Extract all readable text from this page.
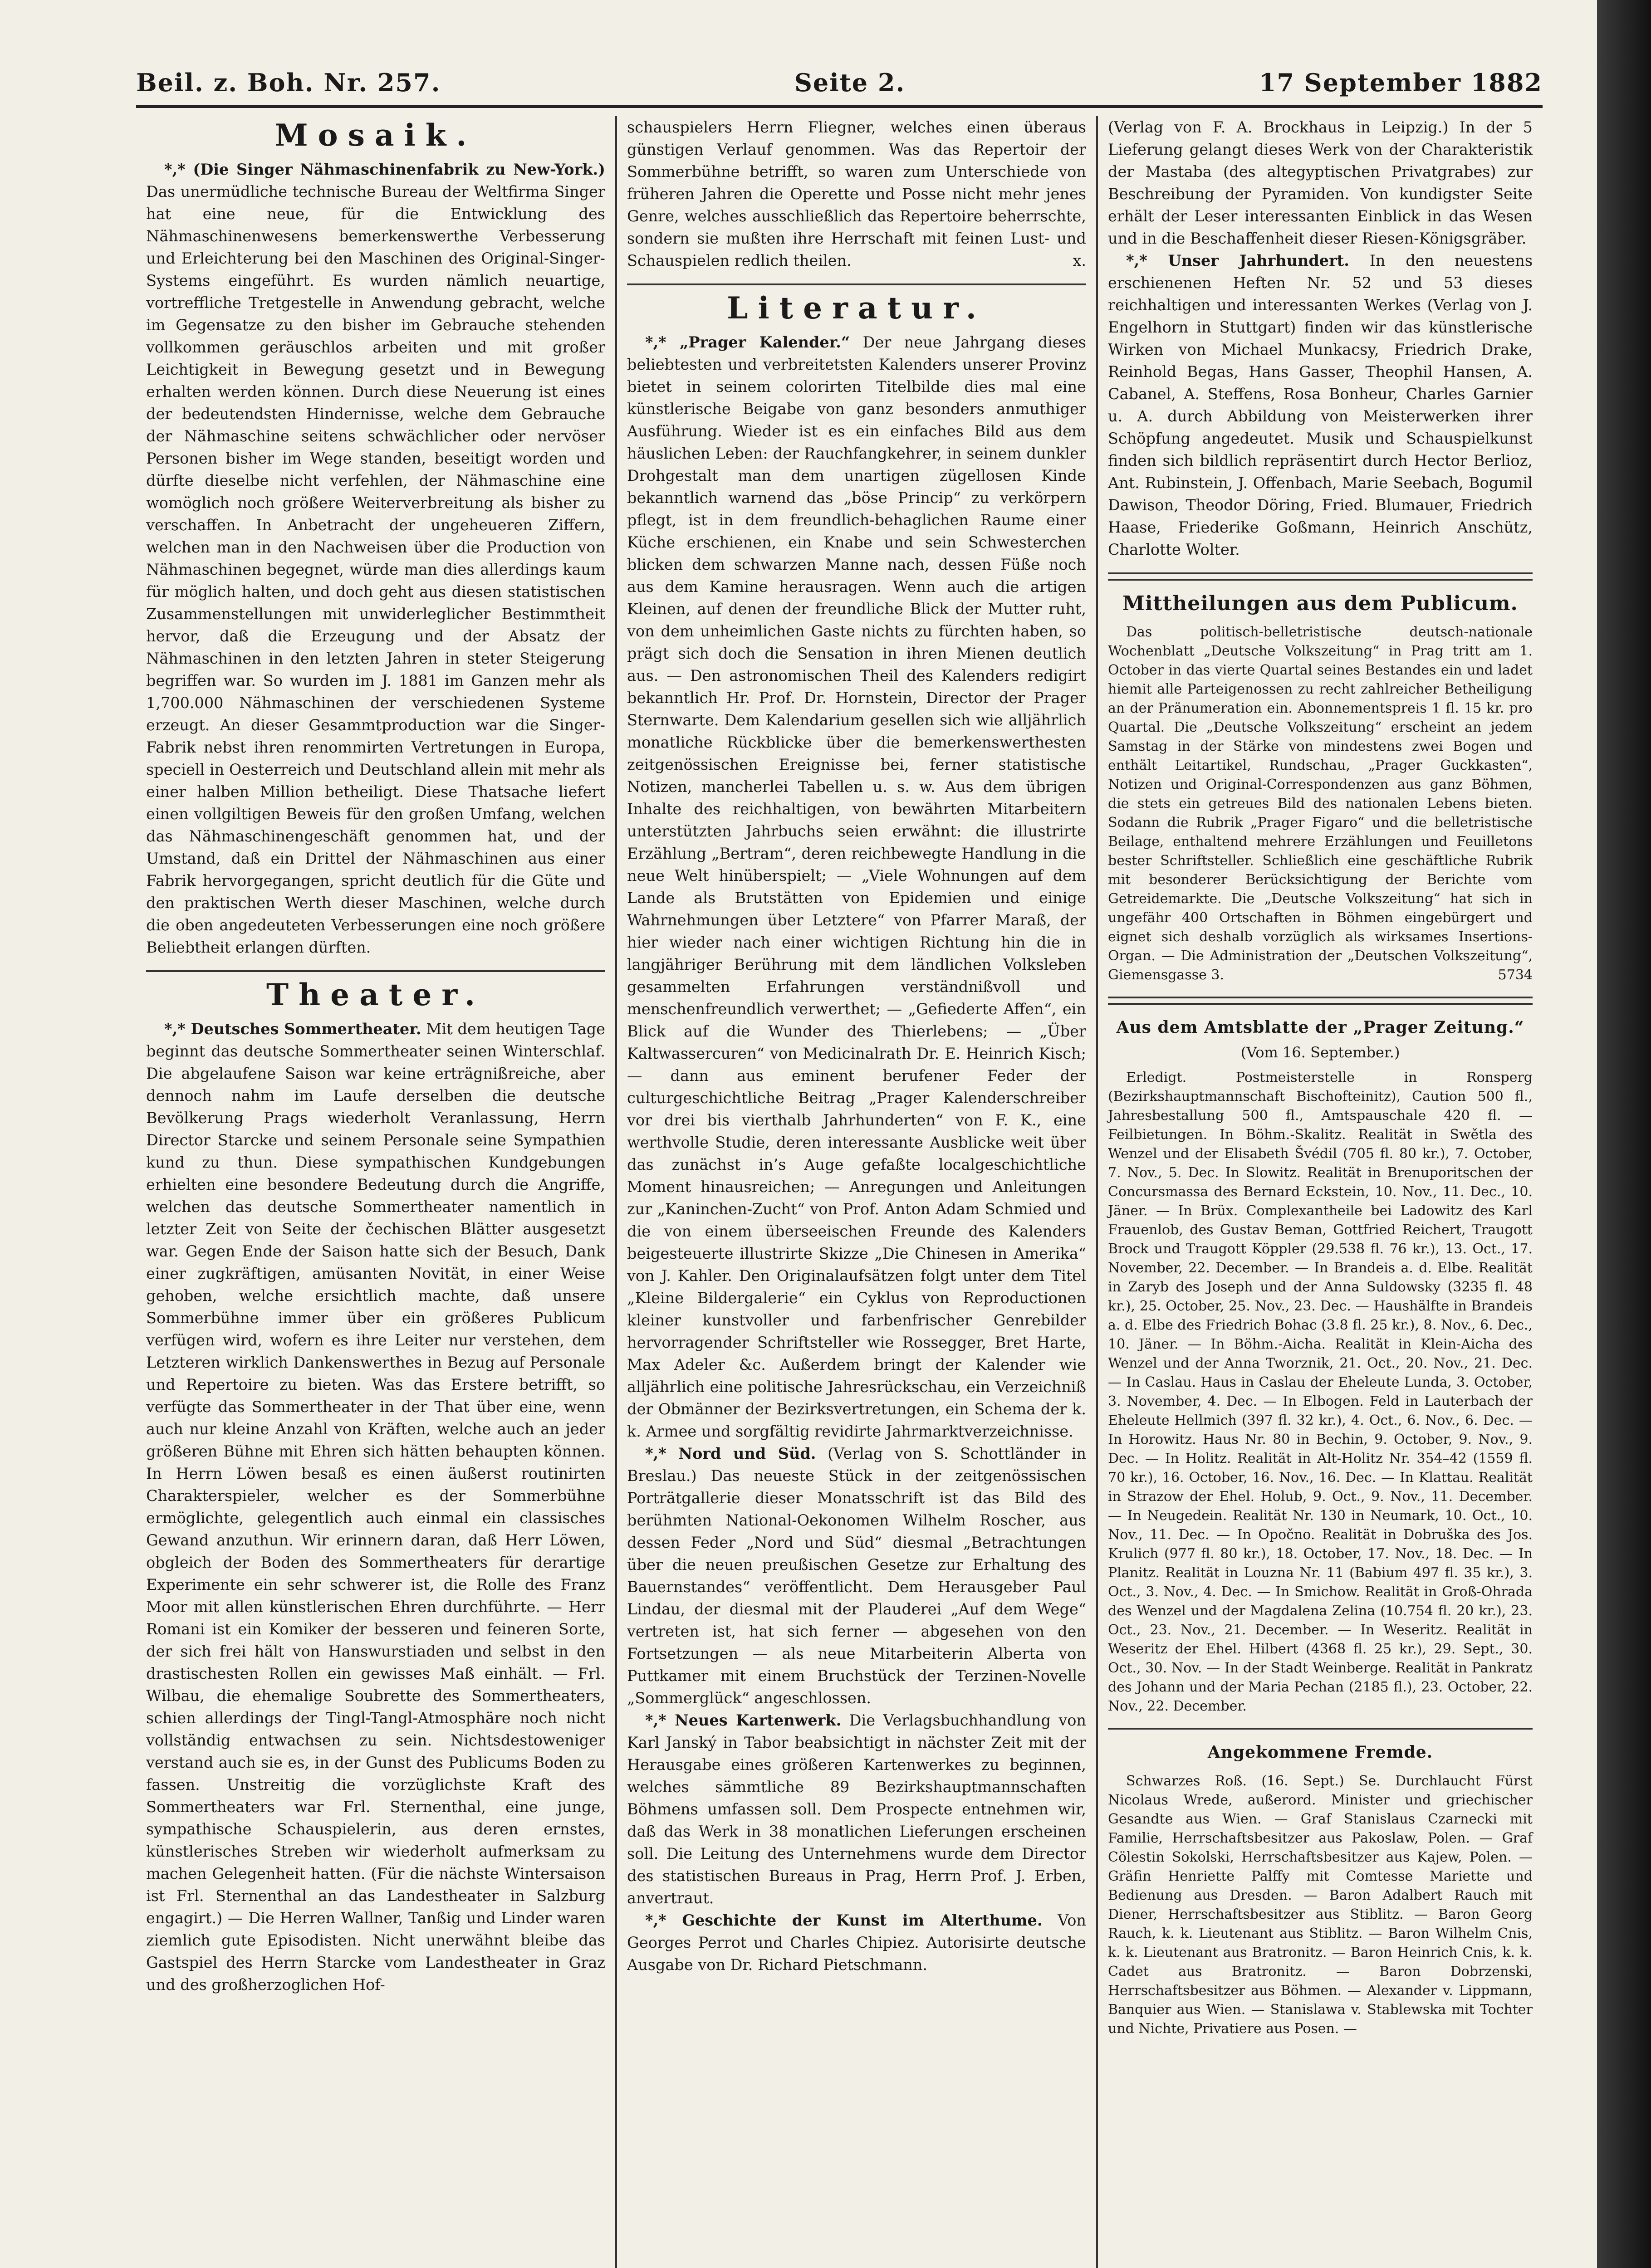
Beil. z. Boh. Nr. 257.	Seite 2.	17 September 1882
Mosaik.

*,* (Die Singer Nähmaschinenfabrik zu New-York.) Das unermüdliche technische Bureau der Weltfirma Singer hat eine neue, für die Entwicklung des Nähmaschinenwesens bemerkenswerthe Verbesserung und Erleichterung bei den Maschinen des Original-Singer-Systems eingeführt. Es wurden nämlich neuartige, vortreffliche Tretgestelle in Anwendung gebracht, welche im Gegensatze zu den bisher im Gebrauche stehenden vollkommen geräuschlos arbeiten und mit großer Leichtigkeit in Bewegung gesetzt und in Bewegung erhalten werden können. Durch diese Neuerung ist eines der bedeutendsten Hindernisse, welche dem Gebrauche der Nähmaschine seitens schwächlicher oder nervöser Personen bisher im Wege standen, beseitigt worden und dürfte dieselbe nicht verfehlen, der Nähmaschine eine womöglich noch größere Weiterverbreitung als bisher zu verschaffen. In Anbetracht der ungeheueren Ziffern, welchen man in den Nachweisen über die Production von Nähmaschinen begegnet, würde man dies allerdings kaum für möglich halten, und doch geht aus diesen statistischen Zusammenstellungen mit unwiderleglicher Bestimmtheit hervor, daß die Erzeugung und der Absatz der Nähmaschinen in den letzten Jahren in steter Steigerung begriffen war. So wurden im J. 1881 im Ganzen mehr als 1,700.000 Nähmaschinen der verschiedenen Systeme erzeugt. An dieser Gesammtproduction war die Singer-Fabrik nebst ihren renommirten Vertretungen in Europa, speciell in Oesterreich und Deutschland allein mit mehr als einer halben Million betheiligt. Diese Thatsache liefert einen vollgiltigen Beweis für den großen Umfang, welchen das Nähmaschinengeschäft genommen hat, und der Umstand, daß ein Drittel der Nähmaschinen aus einer Fabrik hervorgegangen, spricht deutlich für die Güte und den praktischen Werth dieser Maschinen, welche durch die oben angedeuteten Verbesserungen eine noch größere Beliebtheit erlangen dürften.

Theater.

*,* Deutsches Sommertheater. Mit dem heutigen Tage beginnt das deutsche Sommertheater seinen Winterschlaf. Die abgelaufene Saison war keine erträgnißreiche, aber dennoch nahm im Laufe derselben die deutsche Bevölkerung Prags wiederholt Veranlassung, Herrn Director Starcke und seinem Personale seine Sympathien kund zu thun. Diese sympathischen Kundgebungen erhielten eine besondere Bedeutung durch die Angriffe, welchen das deutsche Sommertheater namentlich in letzter Zeit von Seite der čechischen Blätter ausgesetzt war. Gegen Ende der Saison hatte sich der Besuch, Dank einer zugkräftigen, amüsanten Novität, in einer Weise gehoben, welche ersichtlich machte, daß unsere Sommerbühne immer über ein größeres Publicum verfügen wird, wofern es ihre Leiter nur verstehen, dem Letzteren wirklich Dankenswerthes in Bezug auf Personale und Repertoire zu bieten. Was das Erstere betrifft, so verfügte das Sommertheater in der That über eine, wenn auch nur kleine Anzahl von Kräften, welche auch an jeder größeren Bühne mit Ehren sich hätten behaupten können. In Herrn Löwen besaß es einen äußerst routinirten Charakterspieler, welcher es der Sommerbühne ermöglichte, gelegentlich auch einmal ein classisches Gewand anzuthun. Wir erinnern daran, daß Herr Löwen, obgleich der Boden des Sommertheaters für derartige Experimente ein sehr schwerer ist, die Rolle des Franz Moor mit allen künstlerischen Ehren durchführte. — Herr Romani ist ein Komiker der besseren und feineren Sorte, der sich frei hält von Hanswurstiaden und selbst in den drastischesten Rollen ein gewisses Maß einhält. — Frl. Wilbau, die ehemalige Soubrette des Sommertheaters, schien allerdings der Tingl-Tangl-Atmosphäre noch nicht vollständig entwachsen zu sein. Nichtsdestoweniger verstand auch sie es, in der Gunst des Publicums Boden zu fassen. Unstreitig die vorzüglichste Kraft des Sommertheaters war Frl. Sternenthal, eine junge, sympathische Schauspielerin, aus deren ernstes, künstlerisches Streben wir wiederholt aufmerksam zu machen Gelegenheit hatten. (Für die nächste Wintersaison ist Frl. Sternenthal an das Landestheater in Salzburg engagirt.) — Die Herren Wallner, Tanßig und Linder waren ziemlich gute Episodisten. Nicht unerwähnt bleibe das Gastspiel des Herrn Starcke vom Landestheater in Graz und des großherzoglichen Hof-

schauspielers Herrn Fliegner, welches einen überaus günstigen Verlauf genommen. Was das Repertoir der Sommerbühne betrifft, so waren zum Unterschiede von früheren Jahren die Operette und Posse nicht mehr jenes Genre, welches ausschließlich das Repertoire beherrschte, sondern sie mußten ihre Herrschaft mit feinen Lust- und Schauspielen redlich theilen.	x.

Literatur.

*,* „Prager Kalender.“ Der neue Jahrgang dieses beliebtesten und verbreitetsten Kalenders unserer Provinz bietet in seinem colorirten Titelbilde dies mal eine künstlerische Beigabe von ganz besonders anmuthiger Ausführung. Wieder ist es ein einfaches Bild aus dem häuslichen Leben: der Rauchfangkehrer, in seinem dunkler Drohgestalt man dem unartigen zügellosen Kinde bekanntlich warnend das „böse Princip“ zu verkörpern pflegt, ist in dem freundlich-behaglichen Raume einer Küche erschienen, ein Knabe und sein Schwesterchen blicken dem schwarzen Manne nach, dessen Füße noch aus dem Kamine herausragen. Wenn auch die artigen Kleinen, auf denen der freundliche Blick der Mutter ruht, von dem unheimlichen Gaste nichts zu fürchten haben, so prägt sich doch die Sensation in ihren Mienen deutlich aus. — Den astronomischen Theil des Kalenders redigirt bekanntlich Hr. Prof. Dr. Hornstein, Director der Prager Sternwarte. Dem Kalendarium gesellen sich wie alljährlich monatliche Rückblicke über die bemerkenswerthesten zeitgenössischen Ereignisse bei, ferner statistische Notizen, mancherlei Tabellen u. s. w. Aus dem übrigen Inhalte des reichhaltigen, von bewährten Mitarbeitern unterstützten Jahrbuchs seien erwähnt: die illustrirte Erzählung „Bertram“, deren reichbewegte Handlung in die neue Welt hinüberspielt; — „Viele Wohnungen auf dem Lande als Brutstätten von Epidemien und einige Wahrnehmungen über Letztere“ von Pfarrer Maraß, der hier wieder nach einer wichtigen Richtung hin die in langjähriger Berührung mit dem ländlichen Volksleben gesammelten Erfahrungen verständnißvoll und menschenfreundlich verwerthet; — „Gefiederte Affen“, ein Blick auf die Wunder des Thierlebens; — „Über Kaltwassercuren“ von Medicinalrath Dr. E. Heinrich Kisch; — dann aus eminent berufener Feder der culturgeschichtliche Beitrag „Prager Kalenderschreiber vor drei bis vierthalb Jahrhunderten“ von F. K., eine werthvolle Studie, deren interessante Ausblicke weit über das zunächst in’s Auge gefaßte localgeschichtliche Moment hinausreichen; — Anregungen und Anleitungen zur „Kaninchen-Zucht“ von Prof. Anton Adam Schmied und die von einem überseeischen Freunde des Kalenders beigesteuerte illustrirte Skizze „Die Chinesen in Amerika“ von J. Kahler. Den Originalaufsätzen folgt unter dem Titel „Kleine Bildergalerie“ ein Cyklus von Reproductionen kleiner kunstvoller und farbenfrischer Genrebilder hervorragender Schriftsteller wie Rossegger, Bret Harte, Max Adeler &c. Außerdem bringt der Kalender wie alljährlich eine politische Jahresrückschau, ein Verzeichniß der Obmänner der Bezirksvertretungen, ein Schema der k. k. Armee und sorgfältig revidirte Jahrmarktverzeichnisse.

*,* Nord und Süd. (Verlag von S. Schottländer in Breslau.) Das neueste Stück in der zeitgenössischen Porträtgallerie dieser Monatsschrift ist das Bild des berühmten National-Oekonomen Wilhelm Roscher, aus dessen Feder „Nord und Süd“ diesmal „Betrachtungen über die neuen preußischen Gesetze zur Erhaltung des Bauernstandes“ veröffentlicht. Dem Herausgeber Paul Lindau, der diesmal mit der Plauderei „Auf dem Wege“ vertreten ist, hat sich ferner — abgesehen von den Fortsetzungen — als neue Mitarbeiterin Alberta von Puttkamer mit einem Bruchstück der Terzinen-Novelle „Sommerglück“ angeschlossen.

*,* Neues Kartenwerk. Die Verlagsbuchhandlung von Karl Janský in Tabor beabsichtigt in nächster Zeit mit der Herausgabe eines größeren Kartenwerkes zu beginnen, welches sämmtliche 89 Bezirkshauptmannschaften Böhmens umfassen soll. Dem Prospecte entnehmen wir, daß das Werk in 38 monatlichen Lieferungen erscheinen soll. Die Leitung des Unternehmens wurde dem Director des statistischen Bureaus in Prag, Herrn Prof. J. Erben, anvertraut.

*,* Geschichte der Kunst im Alterthume. Von Georges Perrot und Charles Chipiez. Autorisirte deutsche Ausgabe von Dr. Richard Pietschmann.

(Verlag von F. A. Brockhaus in Leipzig.) In der 5 Lieferung gelangt dieses Werk von der Charakteristik der Mastaba (des altegyptischen Privatgrabes) zur Beschreibung der Pyramiden. Von kundigster Seite erhält der Leser interessanten Einblick in das Wesen und in die Beschaffenheit dieser Riesen-Königsgräber.

*,* Unser Jahrhundert. In den neuestens erschienenen Heften Nr. 52 und 53 dieses reichhaltigen und interessanten Werkes (Verlag von J. Engelhorn in Stuttgart) finden wir das künstlerische Wirken von Michael Munkacsy, Friedrich Drake, Reinhold Begas, Hans Gasser, Theophil Hansen, A. Cabanel, A. Steffens, Rosa Bonheur, Charles Garnier u. A. durch Abbildung von Meisterwerken ihrer Schöpfung angedeutet. Musik und Schauspielkunst finden sich bildlich repräsentirt durch Hector Berlioz, Ant. Rubinstein, J. Offenbach, Marie Seebach, Bogumil Dawison, Theodor Döring, Fried. Blumauer, Friedrich Haase, Friederike Goßmann, Heinrich Anschütz, Charlotte Wolter.

Mittheilungen aus dem Publicum.

Das politisch-belletristische deutsch-nationale Wochenblatt „Deutsche Volkszeitung“ in Prag tritt am 1. October in das vierte Quartal seines Bestandes ein und ladet hiemit alle Parteigenossen zu recht zahlreicher Betheiligung an der Pränumeration ein. Abonnementspreis 1 fl. 15 kr. pro Quartal. Die „Deutsche Volkszeitung“ erscheint an jedem Samstag in der Stärke von mindestens zwei Bogen und enthält Leitartikel, Rundschau, „Prager Guckkasten“, Notizen und Original-Correspondenzen aus ganz Böhmen, die stets ein getreues Bild des nationalen Lebens bieten. Sodann die Rubrik „Prager Figaro“ und die belletristische Beilage, enthaltend mehrere Erzählungen und Feuilletons bester Schriftsteller. Schließlich eine geschäftliche Rubrik mit besonderer Berücksichtigung der Berichte vom Getreidemarkte. Die „Deutsche Volkszeitung“ hat sich in ungefähr 400 Ortschaften in Böhmen eingebürgert und eignet sich deshalb vorzüglich als wirksames Insertions-Organ. — Die Administration der „Deutschen Volkszeitung“, Giemensgasse 3.	5734

Aus dem Amtsblatte der „Prager Zeitung.“
(Vom 16. September.)

Erledigt. Postmeisterstelle in Ronsperg (Bezirkshauptmannschaft Bischofteinitz), Caution 500 fl., Jahresbestallung 500 fl., Amtspauschale 420 fl. — Feilbietungen. In Böhm.-Skalitz. Realität in Swětla des Wenzel und der Elisabeth Švédil (705 fl. 80 kr.), 7. October, 7. Nov., 5. Dec. In Slowitz. Realität in Brenuporitschen der Concursmassa des Bernard Eckstein, 10. Nov., 11. Dec., 10. Jäner. — In Brüx. Complexantheile bei Ladowitz des Karl Frauenlob, des Gustav Beman, Gottfried Reichert, Traugott Brock und Traugott Köppler (29.538 fl. 76 kr.), 13. Oct., 17. November, 22. December. — In Brandeis a. d. Elbe. Realität in Zaryb des Joseph und der Anna Suldowsky (3235 fl. 48 kr.), 25. October, 25. Nov., 23. Dec. — Haushälfte in Brandeis a. d. Elbe des Friedrich Bohac (3.8 fl. 25 kr.), 8. Nov., 6. Dec., 10. Jäner. — In Böhm.-Aicha. Realität in Klein-Aicha des Wenzel und der Anna Tworznik, 21. Oct., 20. Nov., 21. Dec. — In Caslau. Haus in Caslau der Eheleute Lunda, 3. October, 3. November, 4. Dec. — In Elbogen. Feld in Lauterbach der Eheleute Hellmich (397 fl. 32 kr.), 4. Oct., 6. Nov., 6. Dec. — In Horowitz. Haus Nr. 80 in Bechin, 9. October, 9. Nov., 9. Dec. — In Holitz. Realität in Alt-Holitz Nr. 354–42 (1559 fl. 70 kr.), 16. October, 16. Nov., 16. Dec. — In Klattau. Realität in Strazow der Ehel. Holub, 9. Oct., 9. Nov., 11. December. — In Neugedein. Realität Nr. 130 in Neumark, 10. Oct., 10. Nov., 11. Dec. — In Opočno. Realität in Dobruška des Jos. Krulich (977 fl. 80 kr.), 18. October, 17. Nov., 18. Dec. — In Planitz. Realität in Louzna Nr. 11 (Babium 497 fl. 35 kr.), 3. Oct., 3. Nov., 4. Dec. — In Smichow. Realität in Groß-Ohrada des Wenzel und der Magdalena Zelina (10.754 fl. 20 kr.), 23. Oct., 23. Nov., 21. December. — In Weseritz. Realität in Weseritz der Ehel. Hilbert (4368 fl. 25 kr.), 29. Sept., 30. Oct., 30. Nov. — In der Stadt Weinberge. Realität in Pankratz des Johann und der Maria Pechan (2185 fl.), 23. October, 22. Nov., 22. December.

Angekommene Fremde.

Schwarzes Roß. (16. Sept.) Se. Durchlaucht Fürst Nicolaus Wrede, außerord. Minister und griechischer Gesandte aus Wien. — Graf Stanislaus Czarnecki mit Familie, Herrschaftsbesitzer aus Pakoslaw, Polen. — Graf Cölestin Sokolski, Herrschaftsbesitzer aus Kajew, Polen. — Gräfin Henriette Palffy mit Comtesse Mariette und Bedienung aus Dresden. — Baron Adalbert Rauch mit Diener, Herrschaftsbesitzer aus Stiblitz. — Baron Georg Rauch, k. k. Lieutenant aus Stiblitz. — Baron Wilhelm Cnis, k. k. Lieutenant aus Bratronitz. — Baron Heinrich Cnis, k. k. Cadet aus Bratronitz. — Baron Dobrzenski, Herrschaftsbesitzer aus Böhmen. — Alexander v. Lippmann, Banquier aus Wien. — Stanislawa v. Stablewska mit Tochter und Nichte, Privatiere aus Posen. —
